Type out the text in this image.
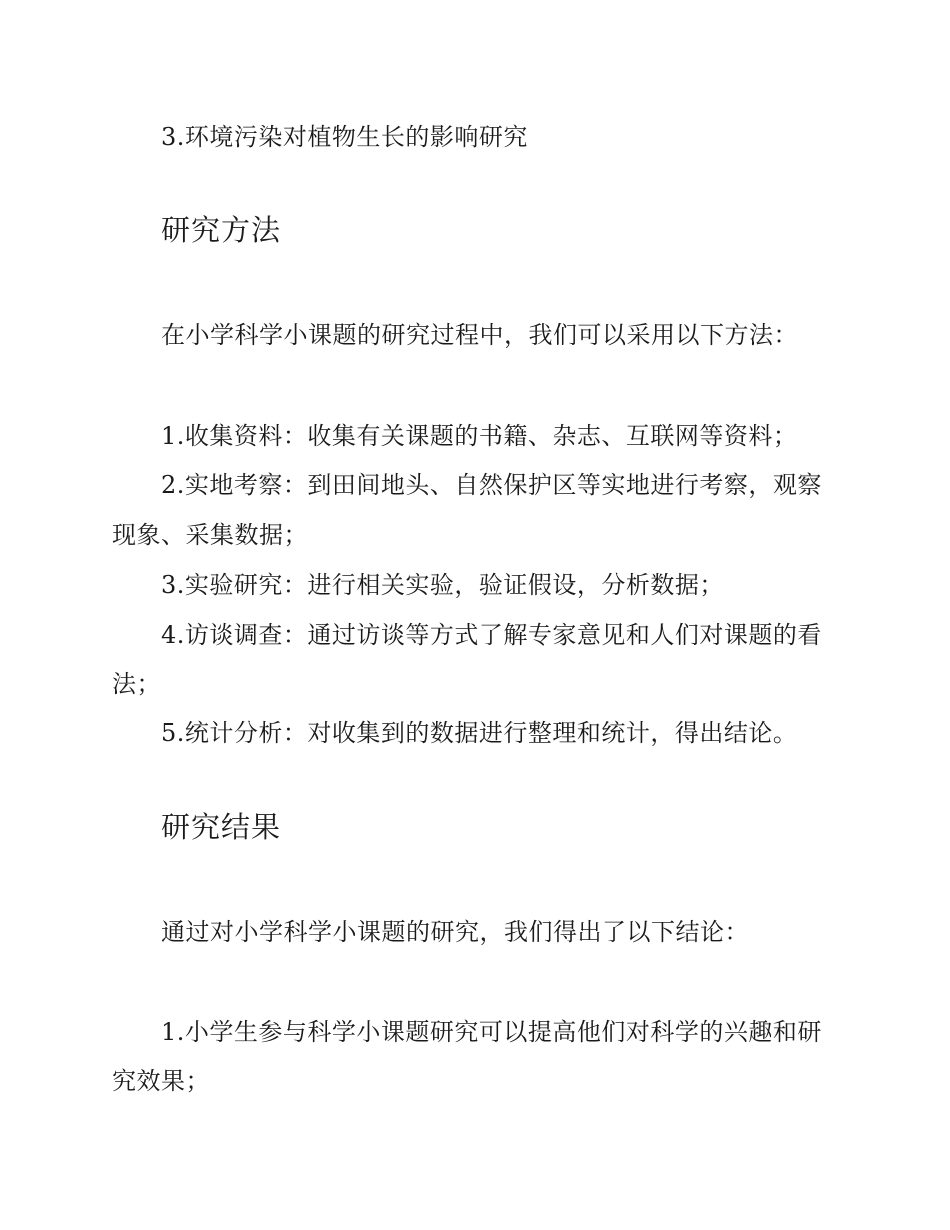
3.环境污染对植物生长的影响研究
研究方法
在小学科学小课题的研究过程中，我们可以采用以下方法：
1.收集资料：收集有关课题的书籍、杂志、互联网等资料；
2.实地考察：到田间地头、自然保护区等实地进行考察，观察
现象、采集数据；
3.实验研究：进行相关实验，验证假设，分析数据；
4.访谈调查：通过访谈等方式了解专家意见和人们对课题的看
法；
5.统计分析：对收集到的数据进行整理和统计，得出结论。
研究结果
通过对小学科学小课题的研究，我们得出了以下结论：
1.小学生参与科学小课题研究可以提高他们对科学的兴趣和研
究效果；
